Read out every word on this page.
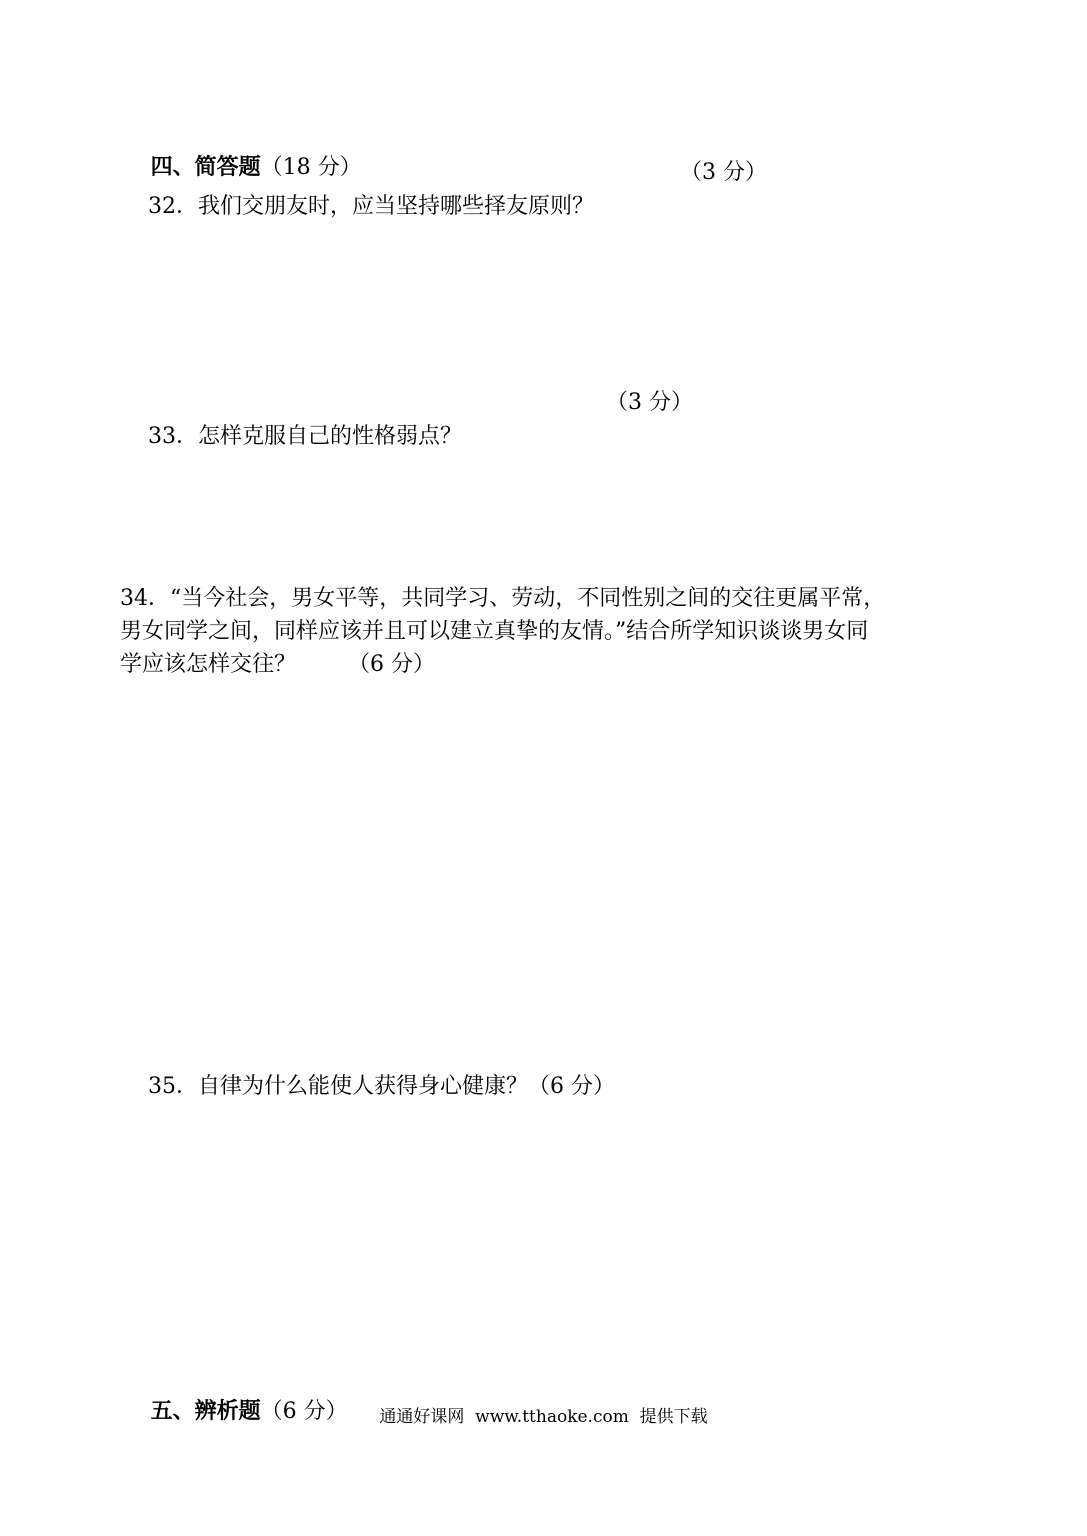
四、简答题（18 分）

32．我们交朋友时，应当坚持哪些择友原则？

（3 分）

33．怎样克服自己的性格弱点？

（3 分）

34．“当今社会，男女平等，共同学习、劳动，不同性别之间的交往更属平常，
男女同学之间，同样应该并且可以建立真挚的友情。”结合所学知识谈谈男女同
学应该怎样交往？ （6 分）

35．自律为什么能使人获得身心健康？（6 分）

五、辨析题（6 分）
	通通好课网  www.tthaoke.com  提供下载
